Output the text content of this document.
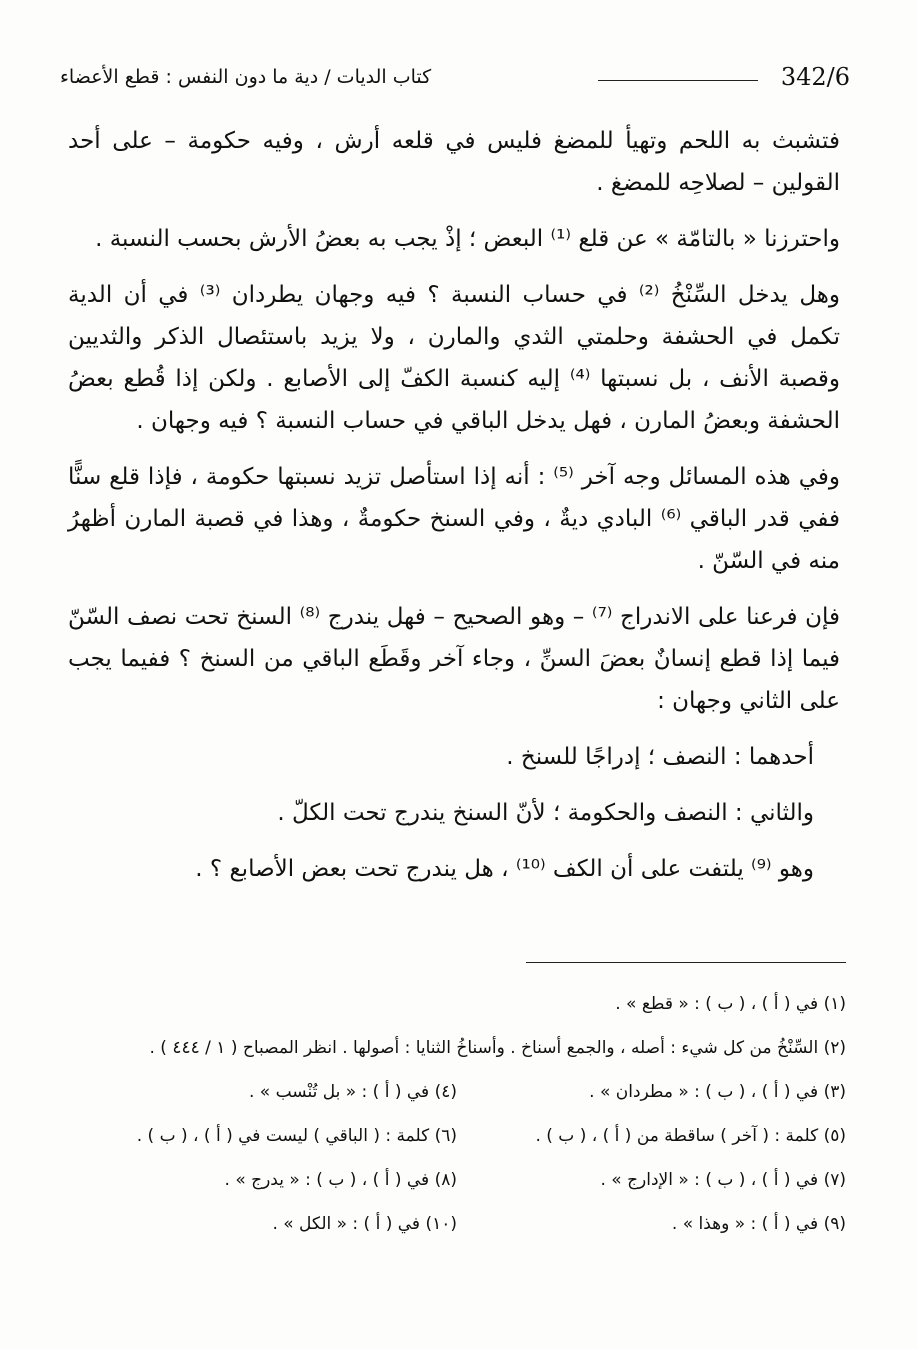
342/6
كتاب الديات / دية ما دون النفس : قطع الأعضاء

فتشبث به اللحم وتهيأ للمضغ فليس في قلعه أرش ، وفيه حكومة – على أحد القولين – لصلاحِه للمضغ .

واحترزنا « بالتامّة » عن قلع ⁽¹⁾ البعض ؛ إذْ يجب به بعضُ الأرش بحسب النسبة .

وهل يدخل السِّنْخُ ⁽²⁾ في حساب النسبة ؟ فيه وجهان يطردان ⁽³⁾ في أن الدية تكمل في الحشفة وحلمتي الثدي والمارن ، ولا يزيد باستئصال الذكر والثديين وقصبة الأنف ، بل نسبتها ⁽⁴⁾ إليه كنسبة الكفّ إلى الأصابع . ولكن إذا قُطع بعضُ الحشفة وبعضُ المارن ، فهل يدخل الباقي في حساب النسبة ؟ فيه وجهان .

وفي هذه المسائل وجه آخر ⁽⁵⁾ : أنه إذا استأصل تزيد نسبتها حكومة ، فإذا قلع سنًّا ففي قدر الباقي ⁽⁶⁾ البادي ديةٌ ، وفي السنخ حكومةٌ ، وهذا في قصبة المارن أظهرُ منه في السّنّ .

فإن فرعنا على الاندراج ⁽⁷⁾ – وهو الصحيح – فهل يندرج ⁽⁸⁾ السنخ تحت نصف السّنّ فيما إذا قطع إنسانٌ بعضَ السنِّ ، وجاء آخر وقَطَع الباقي من السنخ ؟ ففيما يجب على الثاني وجهان :

أحدهما : النصف ؛ إدراجًا للسنخ .

والثاني : النصف والحكومة ؛ لأنّ السنخ يندرج تحت الكلّ .

وهو ⁽⁹⁾ يلتفت على أن الكف ⁽¹⁰⁾ ، هل يندرج تحت بعض الأصابع ؟ .

(١) في ( أ ) ، ( ب ) : « قطع » .
(٢) السِّنْخُ من كل شيء : أصله ، والجمع أسناخ . وأسناخُ الثنايا : أصولها . انظر المصباح ( ١ / ٤٤٤ ) .
(٣) في ( أ ) ، ( ب ) : « مطردان » .
(٤) في ( أ ) : « بل تُنْسب » .
(٥) كلمة : ( آخر ) ساقطة من ( أ ) ، ( ب ) .
(٦) كلمة : ( الباقي ) ليست في ( أ ) ، ( ب ) .
(٧) في ( أ ) ، ( ب ) : « الإدارج » .
(٨) في ( أ ) ، ( ب ) : « يدرج » .
(٩) في ( أ ) : « وهذا » .
(١٠) في ( أ ) : « الكل » .
